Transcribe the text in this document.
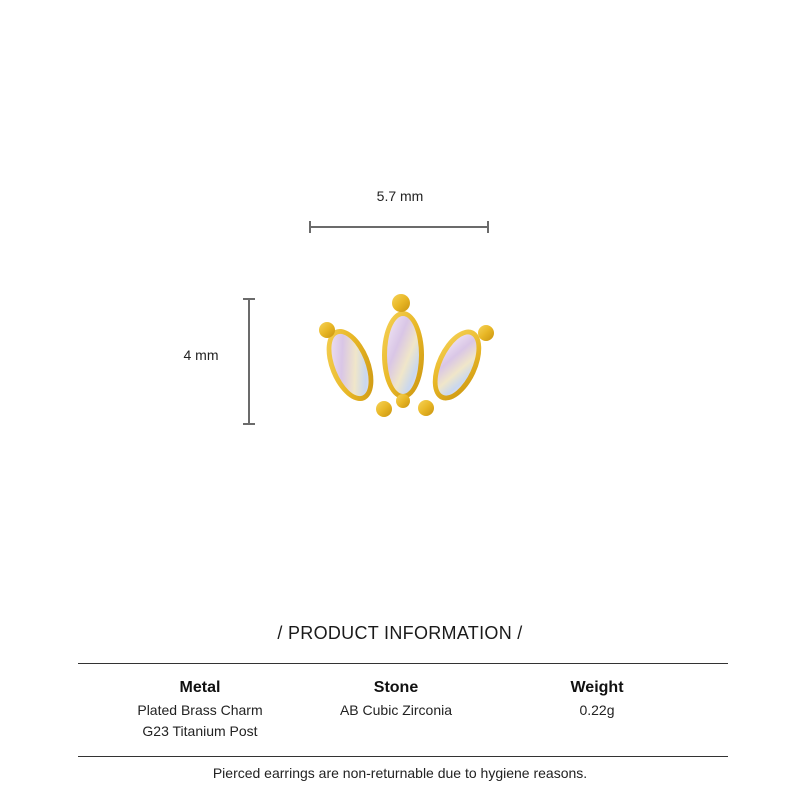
5.7 mm
4 mm
/ PRODUCT INFORMATION /
Metal
Plated Brass Charm
G23 Titanium Post
Stone
AB Cubic Zirconia
Weight
0.22g
Pierced earrings are non-returnable due to hygiene reasons.
